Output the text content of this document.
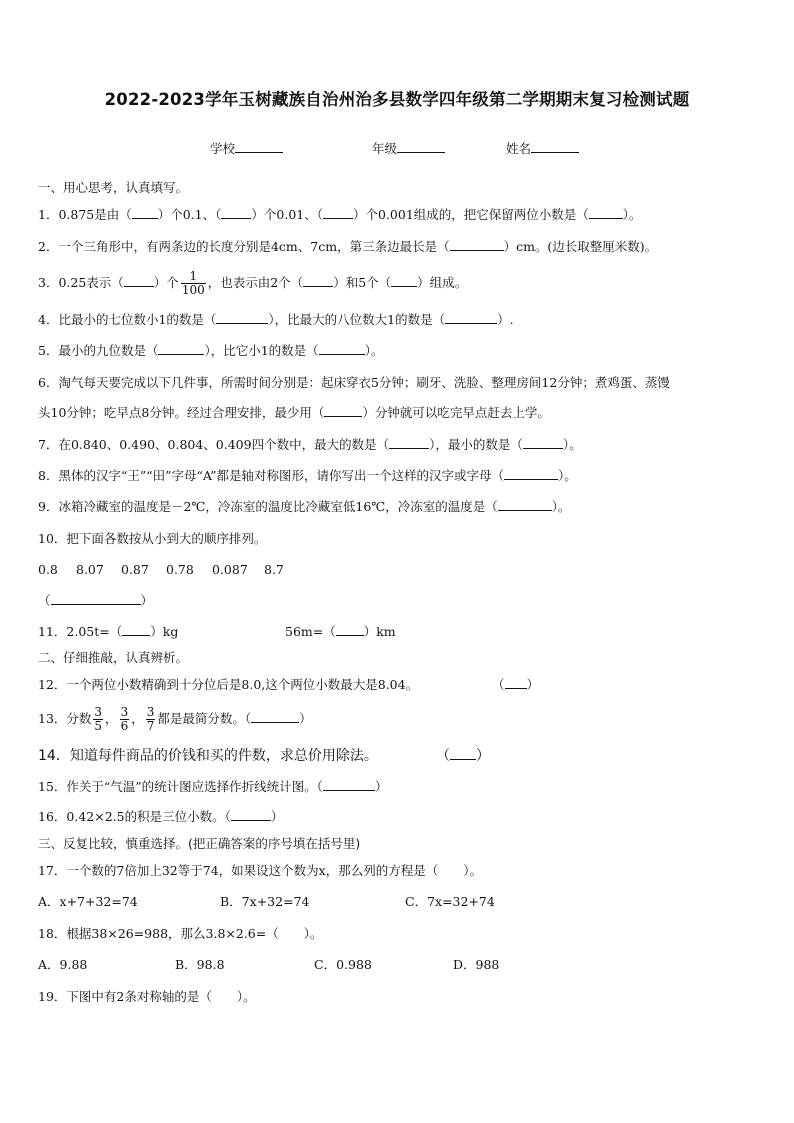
2022-2023学年玉树藏族自治州治多县数学四年级第二学期期末复习检测试题
学校	年级	姓名
一、用心思考，认真填写。
1．0.875是由（ ）个0.1、（ ）个0.01、（ ）个0.001组成的，把它保留两位小数是（	）。
2．一个三角形中，有两条边的长度分别是4cm、7cm，第三条边最长是（	）cm。(边长取整厘米数)。
3．0.25表示（ ）个 $\frac{1}{100}$ ，也表示由2个（ ）和5个（ ）组成。
4．比最小的七位数小1的数是（	），比最大的八位数大1的数是（	）.
5．最小的九位数是（	），比它小1的数是（	）。
6．淘气每天要完成以下几件事，所需时间分别是：起床穿衣5分钟；刷牙、洗脸、整理房间12分钟；煮鸡蛋、蒸馒
头10分钟；吃早点8分钟。经过合理安排，最少用（	）分钟就可以吃完早点赶去上学。
7．在0.840、0.490、0.804、0.409四个数中，最大的数是（	），最小的数是（	）。
8．黑体的汉字“王”“田”字母“A”都是轴对称图形，请你写出一个这样的汉字或字母（	）。
9．冰箱冷藏室的温度是－2℃，冷冻室的温度比冷藏室低16℃，冷冻室的温度是（	）。
10．把下面各数按从小到大的顺序排列。
0.8 8.07 0.87 0.78 0.087 8.7
（	）
11．2.05t=（ ）kg	56m=（ ）km
二、仔细推敲，认真辨析。
12．一个两位小数精确到十分位后是8.0,这个两位小数最大是8.04。	（ ）
13．分数 $\frac{3}{5}$ ， $\frac{3}{6}$ ， $\frac{3}{7}$ 都是最简分数。（	）
14．知道每件商品的价钱和买的件数，求总价用除法。	（ ）
15．作关于“气温”的统计图应选择作折线统计图。（	）
16．0.42×2.5的积是三位小数。（	）
三、反复比较，慎重选择。(把正确答案的序号填在括号里)
17．一个数的7倍加上32等于74，如果设这个数为x，那么列的方程是（　　）。
A．x+7+32=74	B．7x+32=74	C．7x=32+74
18．根据38×26=988，那么3.8×2.6=（　　）。
A．9.88	B．98.8	C．0.988	D．988
19．下图中有2条对称轴的是（　　）。
